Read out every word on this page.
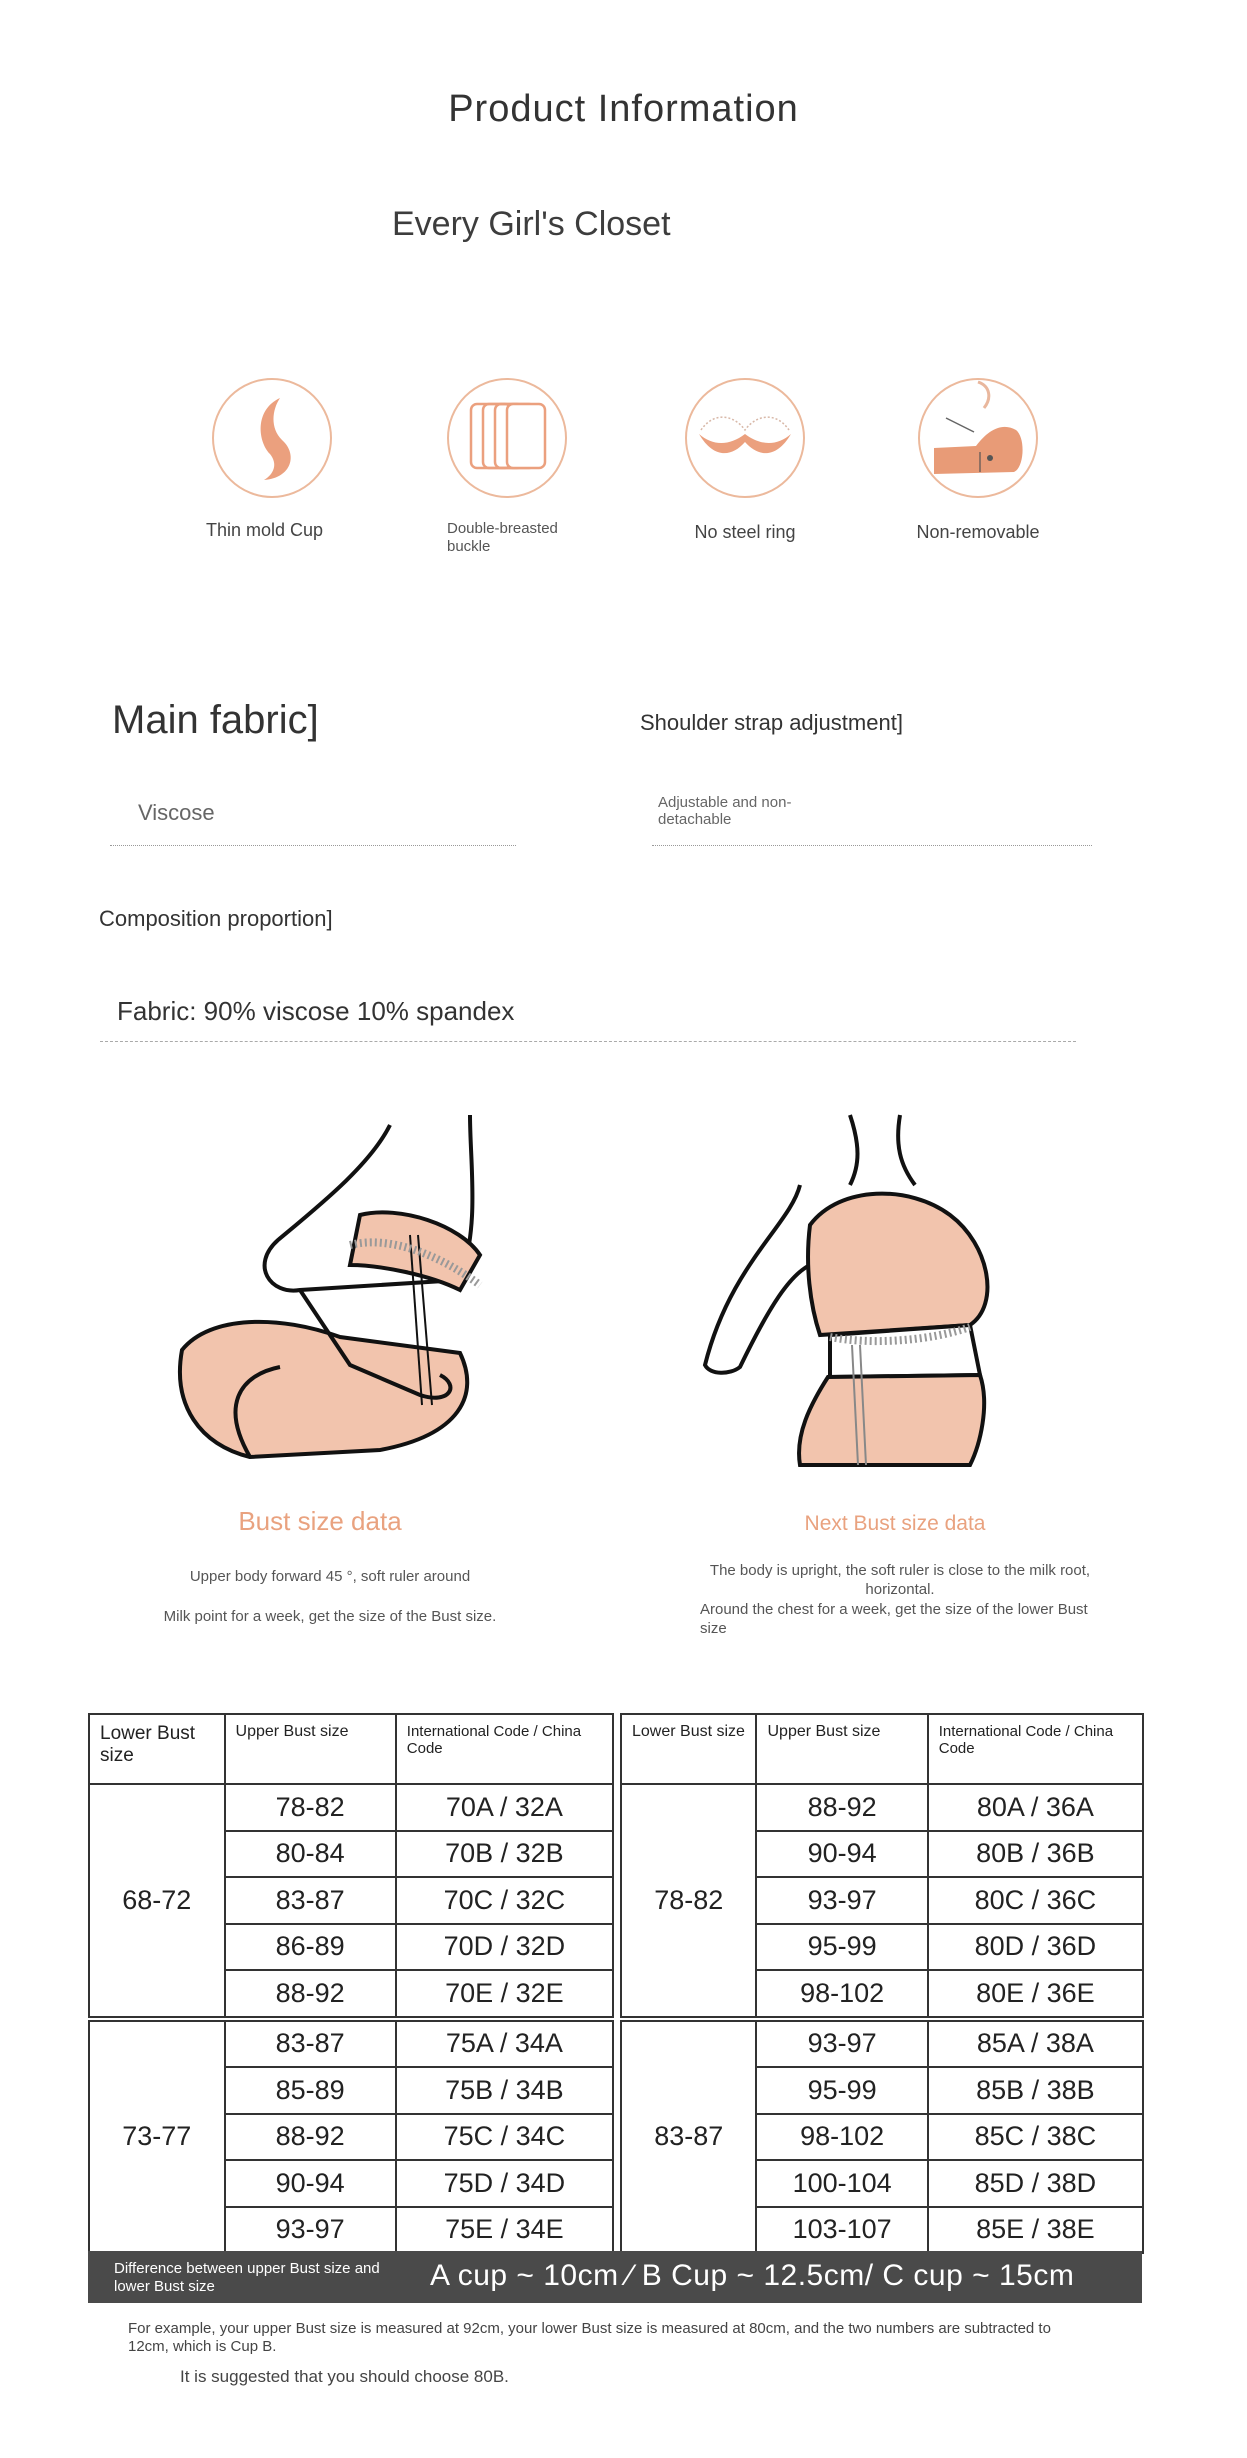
Product Information
Every Girl's Closet
Thin mold Cup	Double-breasted buckle
No steel ring	Non-removable
Main fabric]
Viscose
Shoulder strap adjustment]
Adjustable and non-detachable
Composition proportion]
Fabric: 90% viscose 10% spandex
Bust size data
Upper body forward 45 °, soft ruler around
Milk point for a week, get the size of the Bust size.
Next Bust size data
The body is upright, the soft ruler is close to the milk root, horizontal.
Around the chest for a week, get the size of the lower Bust size
Lower Bust size	Upper Bust size	International Code / China Code
68-72	78-82	70A / 32A
	80-84	70B / 32B
	83-87	70C / 32C
	86-89	70D / 32D
	88-92	70E / 32E
73-77	83-87	75A / 34A
	85-89	75B / 34B
	88-92	75C / 34C
	90-94	75D / 34D
	93-97	75E / 34E
Lower Bust size	Upper Bust size	International Code / China Code
78-82	88-92	80A / 36A
	90-94	80B / 36B
	93-97	80C / 36C
	95-99	80D / 36D
	98-102	80E / 36E
83-87	93-97	85A / 38A
	95-99	85B / 38B
	98-102	85C / 38C
	100-104	85D / 38D
	103-107	85E / 38E
Difference between upper Bust size and lower Bust size	A cup ~ 10cm ⁄ B Cup ~ 12.5cm/ C cup ~ 15cm
For example, your upper Bust size is measured at 92cm, your lower Bust size is measured at 80cm, and the two numbers are subtracted to 12cm, which is Cup B.
It is suggested that you should choose 80B.
